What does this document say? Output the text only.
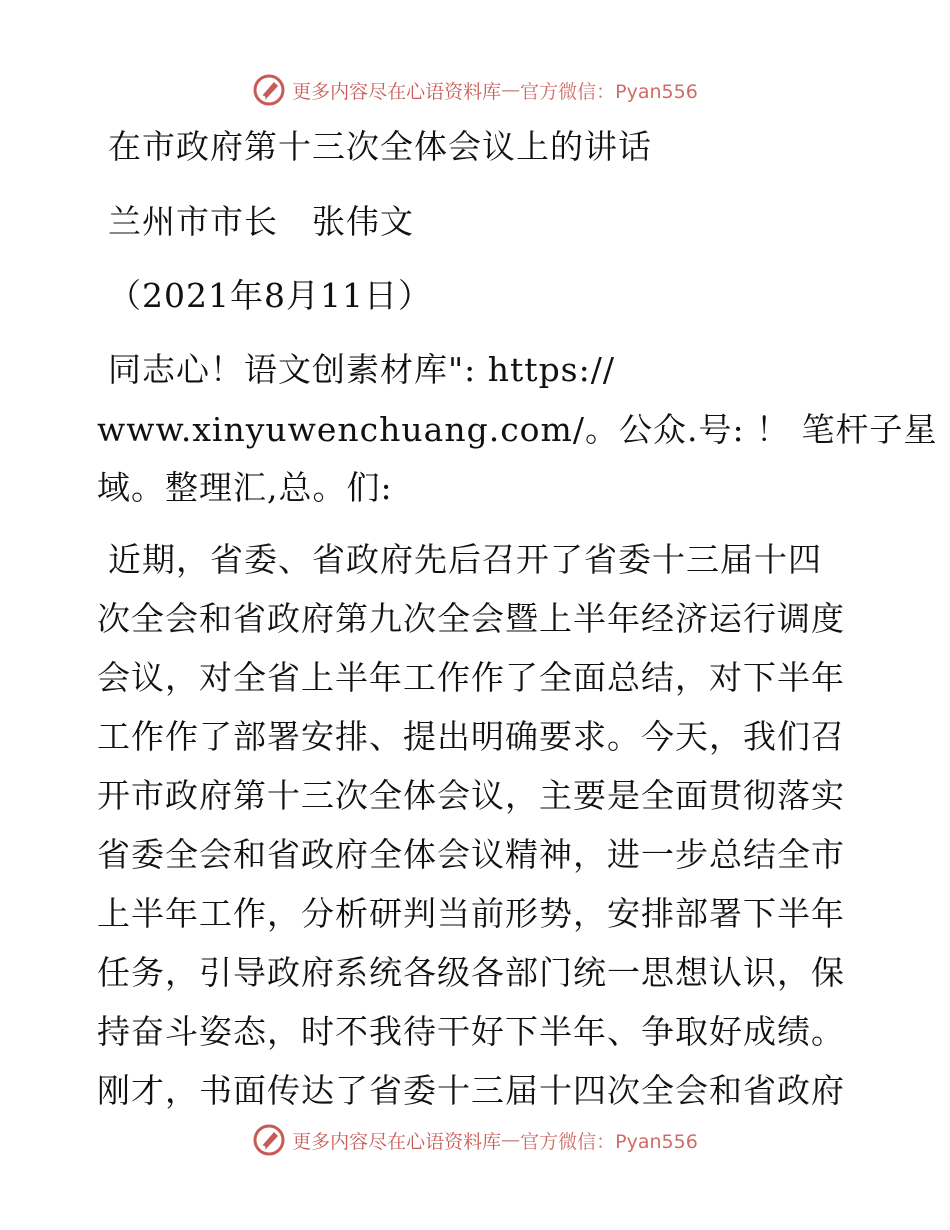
更多内容尽在心语资料库 — 官方微信：Pyan556
在市政府第十三次全体会议上的讲话
兰州市市长　张伟文
（2021年8月11日）
同志心！语文创素材库": https://
www.xinyuwenchuang.com/。公众.号: ！ 笔杆子星
域。整理汇,总。们:
近期，省委、省政府先后召开了省委十三届十四
次全会和省政府第九次全会暨上半年经济运行调度
会议，对全省上半年工作作了全面总结，对下半年
工作作了部署安排、提出明确要求。今天，我们召
开市政府第十三次全体会议，主要是全面贯彻落实
省委全会和省政府全体会议精神，进一步总结全市
上半年工作，分析研判当前形势，安排部署下半年
任务，引导政府系统各级各部门统一思想认识，保
持奋斗姿态，时不我待干好下半年、争取好成绩。
刚才，书面传达了省委十三届十四次全会和省政府
更多内容尽在心语资料库 — 官方微信：Pyan556
